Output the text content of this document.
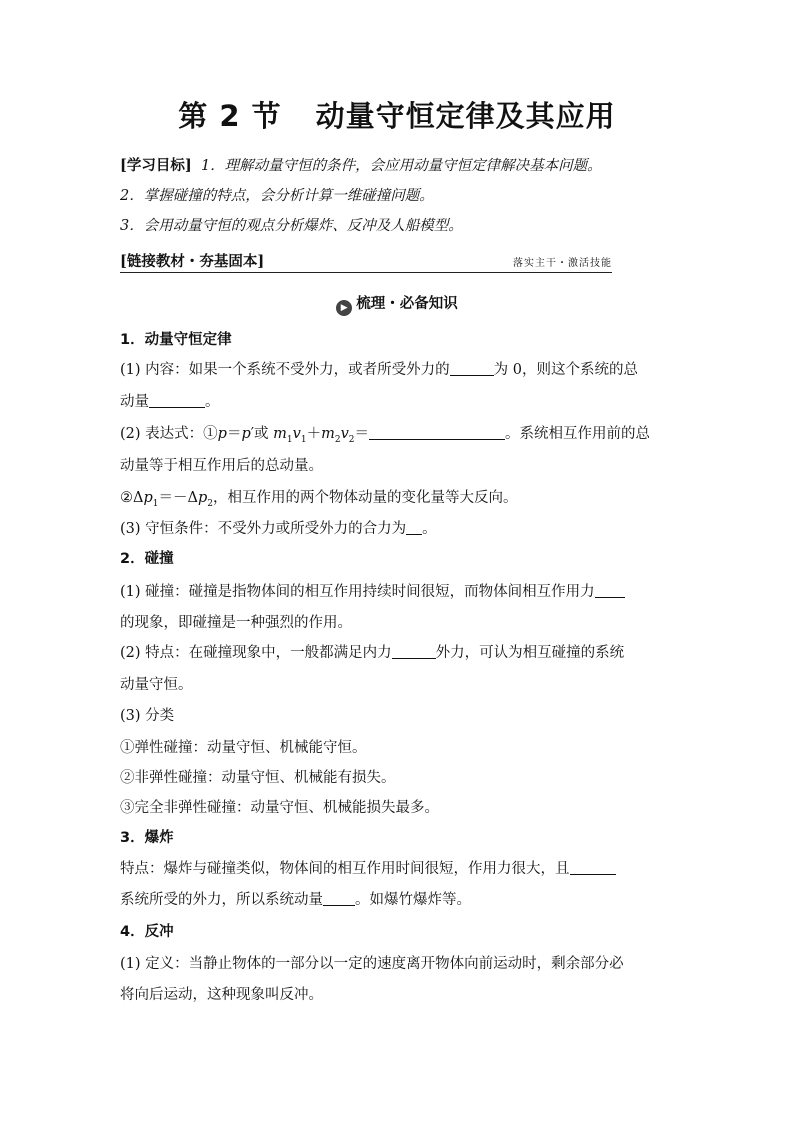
第 2 节 动量守恒定律及其应用
[学习目标] 1．理解动量守恒的条件，会应用动量守恒定律解决基本问题。
2．掌握碰撞的特点，会分析计算一维碰撞问题。
3．会用动量守恒的观点分析爆炸、反冲及人船模型。
[链接教材・夯基固本]	落实主干・激活技能
▶ 梳理・必备知识
1．动量守恒定律
(1) 内容：如果一个系统不受外力，或者所受外力的	为 0，则这个系统的总
动量	。
(2) 表达式：①p＝p′或 $m_1v_1+m_2v_2=$	。系统相互作用前的总
动量等于相互作用后的总动量。
$②\Delta p_1=-\Delta p_2$，相互作用的两个物体动量的变化量等大反向。
(3) 守恒条件：不受外力或所受外力的合力为 。
2．碰撞
(1) 碰撞：碰撞是指物体间的相互作用持续时间很短，而物体间相互作用力
的现象，即碰撞是一种强烈的作用。
(2) 特点：在碰撞现象中，一般都满足内力	外力，可认为相互碰撞的系统
动量守恒。
(3) 分类
①弹性碰撞：动量守恒、机械能守恒。
②非弹性碰撞：动量守恒、机械能有损失。
③完全非弹性碰撞：动量守恒、机械能损失最多。
3．爆炸
特点：爆炸与碰撞类似，物体间的相互作用时间很短，作用力很大，且
系统所受的外力，所以系统动量 。如爆竹爆炸等。
4．反冲
(1) 定义：当静止物体的一部分以一定的速度离开物体向前运动时，剩余部分必
将向后运动，这种现象叫反冲。
